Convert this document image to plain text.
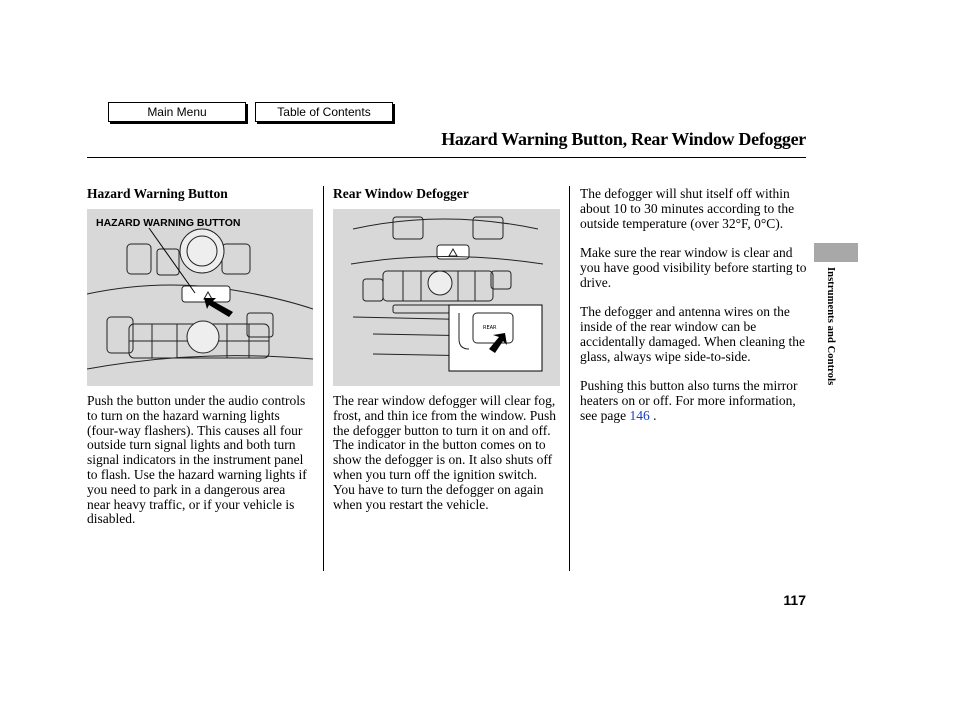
Main Menu	Table of Contents
Hazard Warning Button, Rear Window Defogger
Hazard Warning Button
HAZARD WARNING BUTTON

Push the button under the audio controls to turn on the hazard warning lights (four-way flashers). This causes all four outside turn signal lights and both turn signal indicators in the instrument panel to flash. Use the hazard warning lights if you need to park in a dangerous area near heavy traffic, or if your vehicle is disabled.

Rear Window Defogger
REAR

The rear window defogger will clear fog, frost, and thin ice from the window. Push the defogger button to turn it on and off. The indicator in the button comes on to show the defogger is on. It also shuts off when you turn off the ignition switch. You have to turn the defogger on again when you restart the vehicle.

The defogger will shut itself off within about 10 to 30 minutes according to the outside temperature (over 32°F, 0°C).

Make sure the rear window is clear and you have good visibility before starting to drive.

The defogger and antenna wires on the inside of the rear window can be accidentally damaged. When cleaning the glass, always wipe side-to-side.

Pushing this button also turns the mirror heaters on or off. For more information, see page 146 .

Instruments and Controls
117
